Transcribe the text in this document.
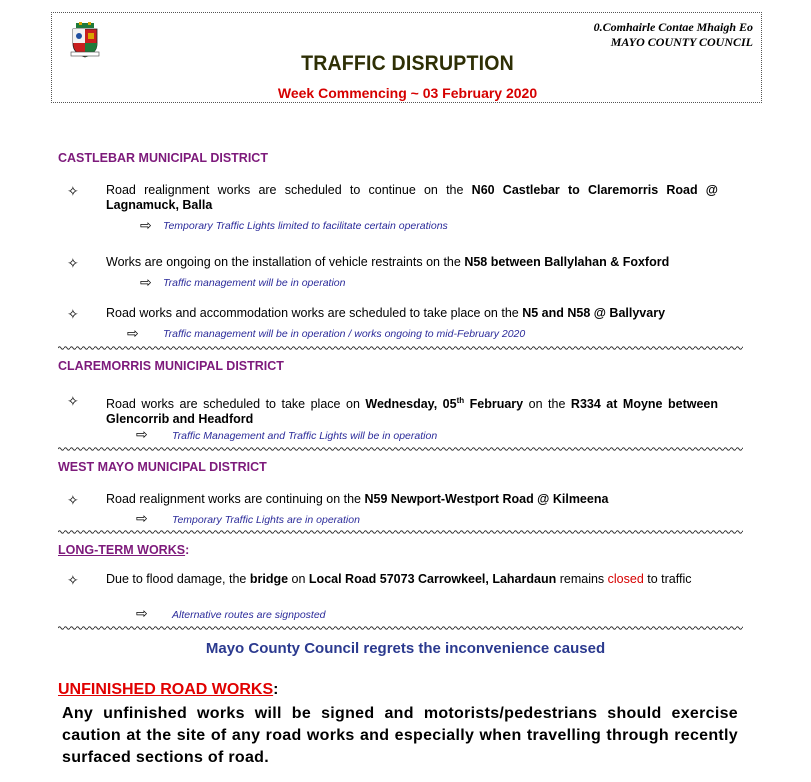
0.Comhairle Contae Mhaigh Eo
MAYO COUNTY COUNCIL
TRAFFIC DISRUPTION
Week Commencing ~ 03 February 2020
CASTLEBAR MUNICIPAL DISTRICT
✧ Road realignment works are scheduled to continue on the N60 Castlebar to Claremorris Road @ Lagnamuck, Balla
⇨ Temporary Traffic Lights limited to facilitate certain operations
✧ Works are ongoing on the installation of vehicle restraints on the N58 between Ballylahan & Foxford
⇨ Traffic management will be in operation
✧ Road works and accommodation works are scheduled to take place on the N5 and N58 @ Ballyvary
⇨ Traffic management will be in operation / works ongoing to mid-February 2020
CLAREMORRIS MUNICIPAL DISTRICT
✧ Road works are scheduled to take place on Wednesday, 05th February on the R334 at Moyne between Glencorrib and Headford
⇨ Traffic Management and Traffic Lights will be in operation
WEST MAYO MUNICIPAL DISTRICT
✧ Road realignment works are continuing on the N59 Newport-Westport Road @ Kilmeena
⇨ Temporary Traffic Lights are in operation
LONG-TERM WORKS:
✧ Due to flood damage, the bridge on Local Road 57073 Carrowkeel, Lahardaun remains closed to traffic
⇨ Alternative routes are signposted
Mayo County Council regrets the inconvenience caused
UNFINISHED ROAD WORKS:
Any unfinished works will be signed and motorists/pedestrians should exercise caution at the site of any road works and especially when travelling through recently surfaced sections of road.
